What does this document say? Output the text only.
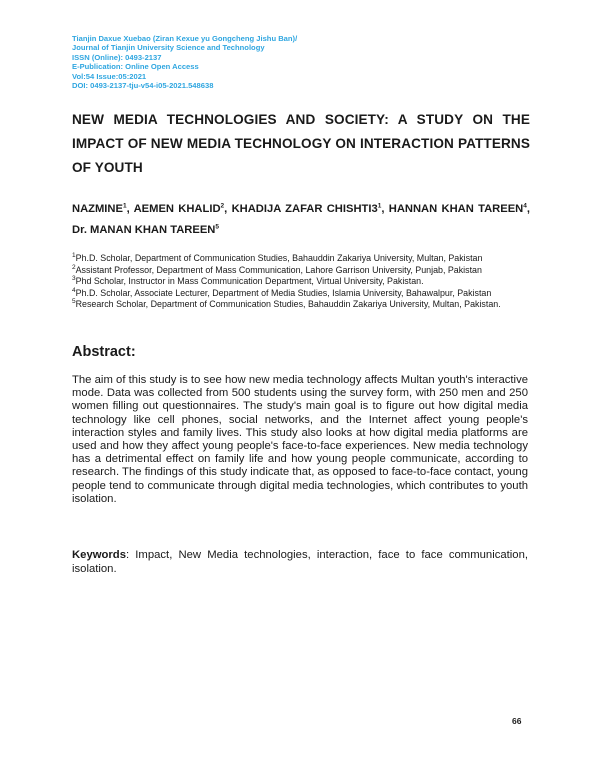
Tianjin Daxue Xuebao (Ziran Kexue yu Gongcheng Jishu Ban)/
Journal of Tianjin University Science and Technology
ISSN (Online): 0493-2137
E-Publication: Online Open Access
Vol:54 Issue:05:2021
DOI: 0493-2137-tju-v54-i05-2021.548638
NEW MEDIA TECHNOLOGIES AND SOCIETY: A STUDY ON THE IMPACT OF NEW MEDIA TECHNOLOGY ON INTERACTION PATTERNS OF YOUTH
NAZMINE$^1$, AEMEN KHALID$^2$, KHADIJA ZAFAR $CHISHTI3^1$, HANNAN KHAN TAREEN$^4$, Dr. MANAN KHAN TAREEN$^5$
$^1$Ph.D. Scholar, Department of Communication Studies, Bahauddin Zakariya University, Multan, Pakistan
$^2$Assistant Professor, Department of Mass Communication, Lahore Garrison University, Punjab, Pakistan
$^3$Phd Scholar, Instructor in Mass Communication Department, Virtual University, Pakistan.
$^4$Ph.D. Scholar, Associate Lecturer, Department of Media Studies, Islamia University, Bahawalpur, Pakistan
$^5$Research Scholar, Department of Communication Studies, Bahauddin Zakariya University, Multan, Pakistan.
Abstract:
The aim of this study is to see how new media technology affects Multan youth's interactive mode. Data was collected from 500 students using the survey form, with 250 men and 250 women filling out questionnaires. The study's main goal is to figure out how digital media technology like cell phones, social networks, and the Internet affect young people's interaction styles and family lives. This study also looks at how digital media platforms are used and how they affect young people's face-to-face experiences. New media technology has a detrimental effect on family life and how young people communicate, according to research. The findings of this study indicate that, as opposed to face-to-face contact, young people tend to communicate through digital media technologies, which contributes to youth isolation.
Keywords: Impact, New Media technologies, interaction, face to face communication, isolation.
66
